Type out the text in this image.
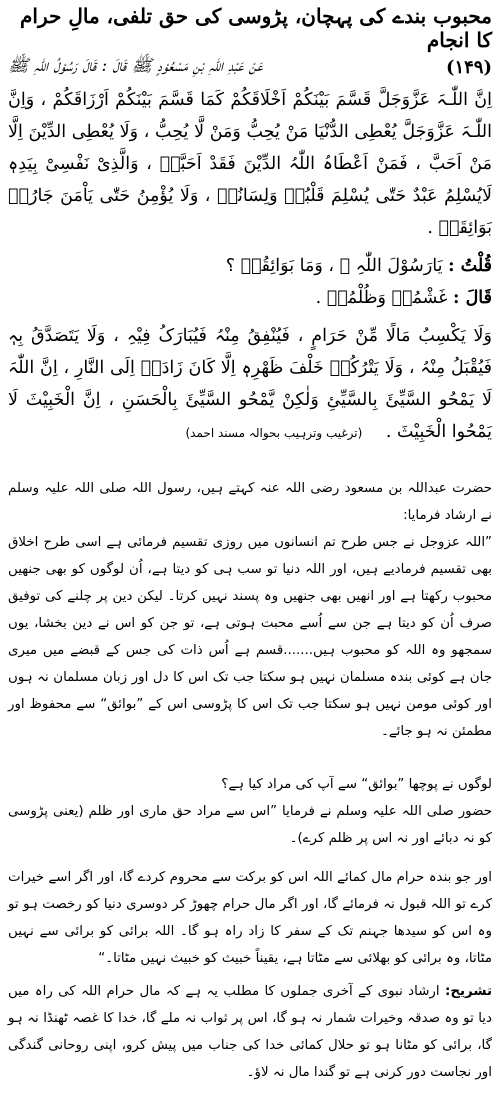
محبوب بندے کی پہچان، پڑوسی کی حق تلفی، مالِ حرام کا انجام
(۱۴۹)
عَنْ عَبْدِ اللّٰہِ بْنِ مَسْعُوْدٍ ﷺ قَالَ : قَالَ رَسُوْلُ اللّٰہِ ﷺ

اِنَّ اللّٰـہَ عَزَّوَجَلَّ قَسَّمَ بَیْنَکُمْ اَخْلَاقَکُمْ کَمَا قَسَّمَ بَیْنَکُمْ اَرْزَاقَکُمْ ، وَاِنَّ اللّٰـہَ عَزَّوَجَلَّ یُعْطِی الدُّنْیَا مَنْ یُحِبُّ وَمَنْ لَّا یُحِبُّ ، وَلَا یُعْطِی الدِّیْنَ اِلَّا مَنْ اَحَبَّ ، فَمَنْ اَعْطَاہُ اللّٰہُ الدِّیْنَ فَقَدْ اَحَبَّہٗ ، وَالَّذِیْ نَفْسِیْ بِیَدِہٖ لَایُسْلِمُ عَبْدٌ حَتّٰی یُسْلِمَ قَلْبُہٗ وَلِسَانُہٗ ، وَلَا یُؤْمِنُ حَتّٰی یَاْمَنَ جَارُہٗ بَوَائِقَہٗ .

قُلْتُ : یَارَسُوْلَ اللّٰہِ ﷺ ، وَمَا بَوَائِقُہٗ ؟

قَالَ : غَشْمُہٗ وَظُلْمُہٗ .

وَلَا یَکْسِبُ مَالًا مِّنْ حَرَامٍ ، فَیُنْفِقُ مِنْہُ فَیُبَارَکُ فِیْہِ ، وَلَا یَتَصَدَّقُ بِہٖ فَیُقْبَلُ مِنْہُ ، وَلَا یَتْرُکُہٗ خَلْفَ ظَھْرِہٖ اِلَّا کَانَ زَادَہٗ اِلَی النَّارِ ، اِنَّ اللّٰہَ لَا یَمْحُو السَّیِّئَ بِالسَّیِّئِ وَلٰکِنْ یَّمْحُو السَّیِّئَ بِالْحَسَنِ ، اِنَّ الْخَبِیْثَ لَا یَمْحُوا الْخَبِیْثَ . (ترغیب وترہیب بحوالہ مسند احمد)

حضرت عبداللہ بن مسعود رضی اللہ عنہ کہتے ہیں، رسول اللہ صلی اللہ علیہ وسلم نے ارشاد فرمایا:

”اللہ عزوجل نے جس طرح تم انسانوں میں روزی تقسیم فرمائی ہے اسی طرح اخلاق بھی تقسیم فرمادیے ہیں، اور اللہ دنیا تو سب ہی کو دیتا ہے، اُن لوگوں کو بھی جنھیں محبوب رکھتا ہے اور انھیں بھی جنھیں وہ پسند نہیں کرتا۔ لیکن دین پر چلنے کی توفیق صرف اُن کو دیتا ہے جن سے اُسے محبت ہوتی ہے، تو جن کو اس نے دین بخشا، یوں سمجھو وہ اللہ کو محبوب ہیں.......قسم ہے اُس ذات کی جس کے قبضے میں میری جان ہے کوئی بندہ مسلمان نہیں ہو سکتا جب تک اس کا دل اور زبان مسلمان نہ ہوں اور کوئی مومن نہیں ہو سکتا جب تک اس کا پڑوسی اس کے ”بوائق“ سے محفوظ اور مطمئن نہ ہو جائے۔

لوگوں نے پوچھا ”بوائق“ سے آپ کی مراد کیا ہے؟

حضور صلی اللہ علیہ وسلم نے فرمایا ”اس سے مراد حق ماری اور ظلم (یعنی پڑوسی کو نہ دبائے اور نہ اس پر ظلم کرے)۔

اور جو بندہ حرام مال کمائے اللہ اس کو برکت سے محروم کردے گا، اور اگر اسے خیرات کرے تو اللہ قبول نہ فرمائے گا، اور اگر مال حرام چھوڑ کر دوسری دنیا کو رخصت ہو تو وہ اس کو سیدھا جہنم تک کے سفر کا زاد راہ ہو گا۔ اللہ برائی کو برائی سے نہیں مٹاتا، وہ برائی کو بھلائی سے مٹاتا ہے، یقیناً خبیث کو خبیث نہیں مٹاتا۔“

تشریح: ارشاد نبوی کے آخری جملوں کا مطلب یہ ہے کہ مال حرام اللہ کی راہ میں دیا تو وہ صدقہ وخیرات شمار نہ ہو گا، اس پر ثواب نہ ملے گا، خدا کا غصہ ٹھنڈا نہ ہو گا، برائی کو مٹانا ہو تو حلال کمائی خدا کی جناب میں پیش کرو، اپنی روحانی گندگی اور نجاست دور کرنی ہے تو گندا مال نہ لاؤ۔
